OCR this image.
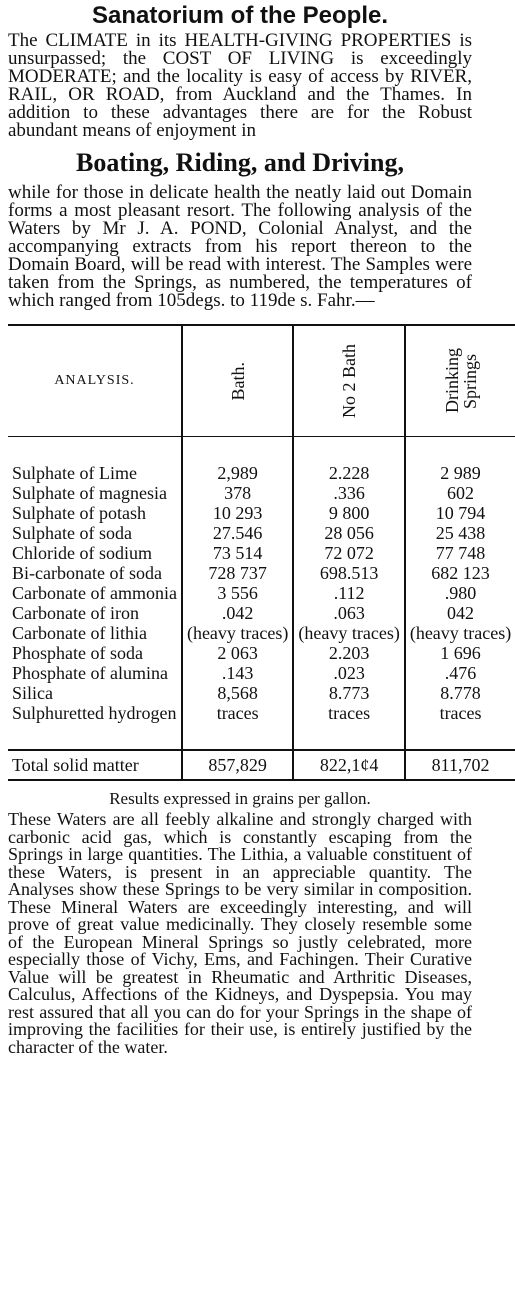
Sanatorium of the People.

The CLIMATE in its HEALTH-GIVING PROPERTIES is unsurpassed; the COST OF LIVING is exceedingly MODERATE; and the locality is easy of access by RIVER, RAIL, OR ROAD, from Auckland and the Thames. In addition to these advantages there are for the Robust abundant means of enjoyment in

Boating, Riding, and Driving,

while for those in delicate health the neatly laid out Domain forms a most pleasant resort. The following analysis of the Waters by Mr J. A. POND, Colonial Analyst, and the accompanying extracts from his report thereon to the Domain Board, will be read with interest. The Samples were taken from the Springs, as numbered, the temperatures of which ranged from 105degs. to 119de s. Fahr.—

ANALYSIS.	Bath.	No 2 Bath	Drinking Springs

Sulphate of Lime	2,989	2.228	2 989
Sulphate of magnesia	378	.336	602
Sulphate of potash	10 293	9 800	10 794
Sulphate of soda	27.546	28 056	25 438
Chloride of sodium	73 514	72 072	77 748
Bi-carbonate of soda	728 737	698.513	682 123
Carbonate of ammonia	3 556	.112	.980
Carbonate of iron	.042	.063	042
Carbonate of lithia	(heavy traces)	(heavy traces)	(heavy traces)
Phosphate of soda	2 063	2.203	1 696
Phosphate of alumina	.143	.023	.476
Silica	8,568	8.773	8.778
Sulphuretted hydrogen	traces	traces	traces

Total solid matter	857,829	822,1¢4	811,702
Results expressed in grains per gallon.

These Waters are all feebly alkaline and strongly charged with carbonic acid gas, which is constantly escaping from the Springs in large quantities. The Lithia, a valuable constituent of these Waters, is present in an appreciable quantity. The Analyses show these Springs to be very similar in composition. These Mineral Waters are exceedingly interesting, and will prove of great value medicinally. They closely resemble some of the European Mineral Springs so justly celebrated, more especially those of Vichy, Ems, and Fachingen. Their Curative Value will be greatest in Rheumatic and Arthritic Diseases, Calculus, Affections of the Kidneys, and Dyspepsia. You may rest assured that all you can do for your Springs in the shape of improving the facilities for their use, is entirely justified by the character of the water.
